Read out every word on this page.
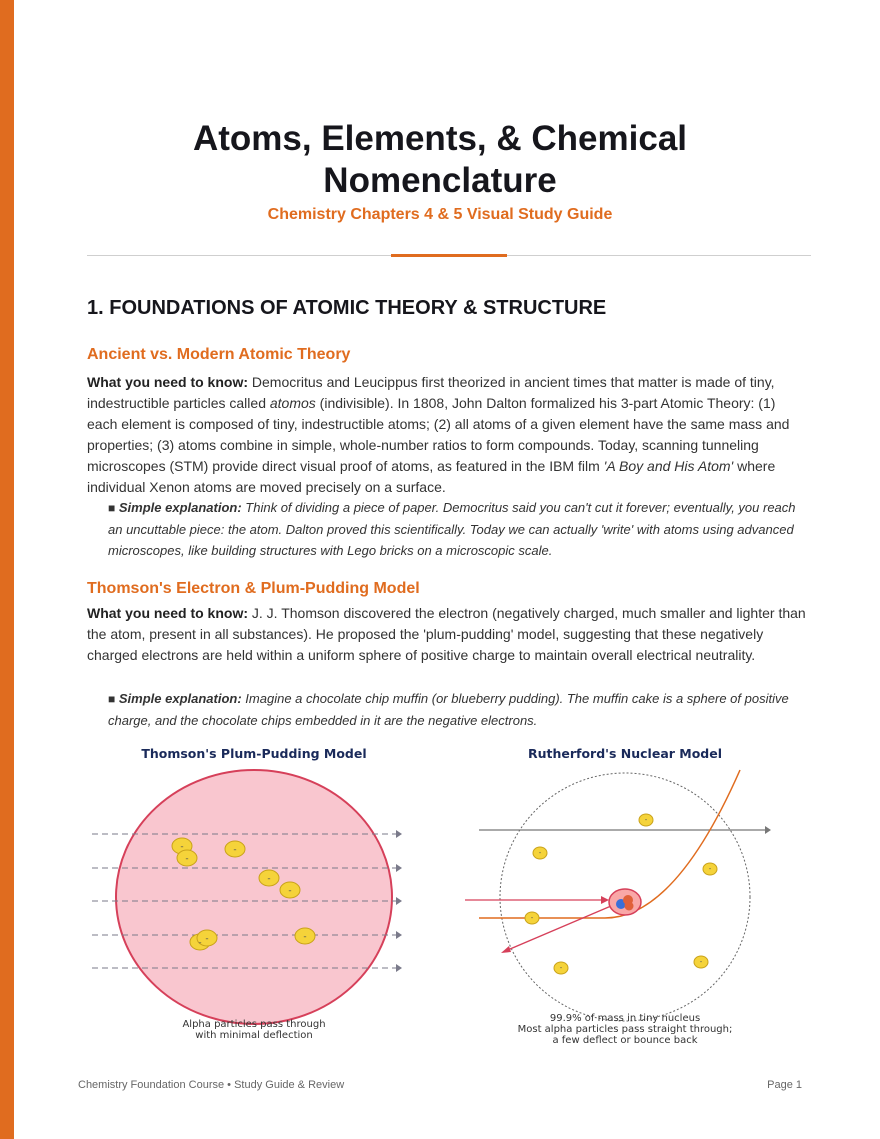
Atoms, Elements, & Chemical
Nomenclature
Chemistry Chapters 4 & 5 Visual Study Guide
1. FOUNDATIONS OF ATOMIC THEORY & STRUCTURE
Ancient vs. Modern Atomic Theory
What you need to know: Democritus and Leucippus first theorized in ancient times that matter is made of tiny, indestructible particles called atomos (indivisible). In 1808, John Dalton formalized his 3-part Atomic Theory: (1) each element is composed of tiny, indestructible atoms; (2) all atoms of a given element have the same mass and properties; (3) atoms combine in simple, whole-number ratios to form compounds. Today, scanning tunneling microscopes (STM) provide direct visual proof of atoms, as featured in the IBM film 'A Boy and His Atom' where individual Xenon atoms are moved precisely on a surface.
■ Simple explanation: Think of dividing a piece of paper. Democritus said you can't cut it forever; eventually, you reach an uncuttable piece: the atom. Dalton proved this scientifically. Today we can actually 'write' with atoms using advanced microscopes, like building structures with Lego bricks on a microscopic scale.
Thomson's Electron & Plum-Pudding Model
What you need to know: J. J. Thomson discovered the electron (negatively charged, much smaller and lighter than the atom, present in all substances). He proposed the 'plum-pudding' model, suggesting that these negatively charged electrons are held within a uniform sphere of positive charge to maintain overall electrical neutrality.
■ Simple explanation: Imagine a chocolate chip muffin (or blueberry pudding). The muffin cake is a sphere of positive charge, and the chocolate chips embedded in it are the negative electrons.
Thomson's Plum-Pudding Model
-
-
-
-
-
- -	-
Alpha particles pass through
with minimal deflection
Rutherford's Nuclear Model
-
-
-
-
-
-
99.9% of mass in tiny nucleus
Most alpha particles pass straight through;
a few deflect or bounce back
Chemistry Foundation Course • Study Guide & Review	Page 1
